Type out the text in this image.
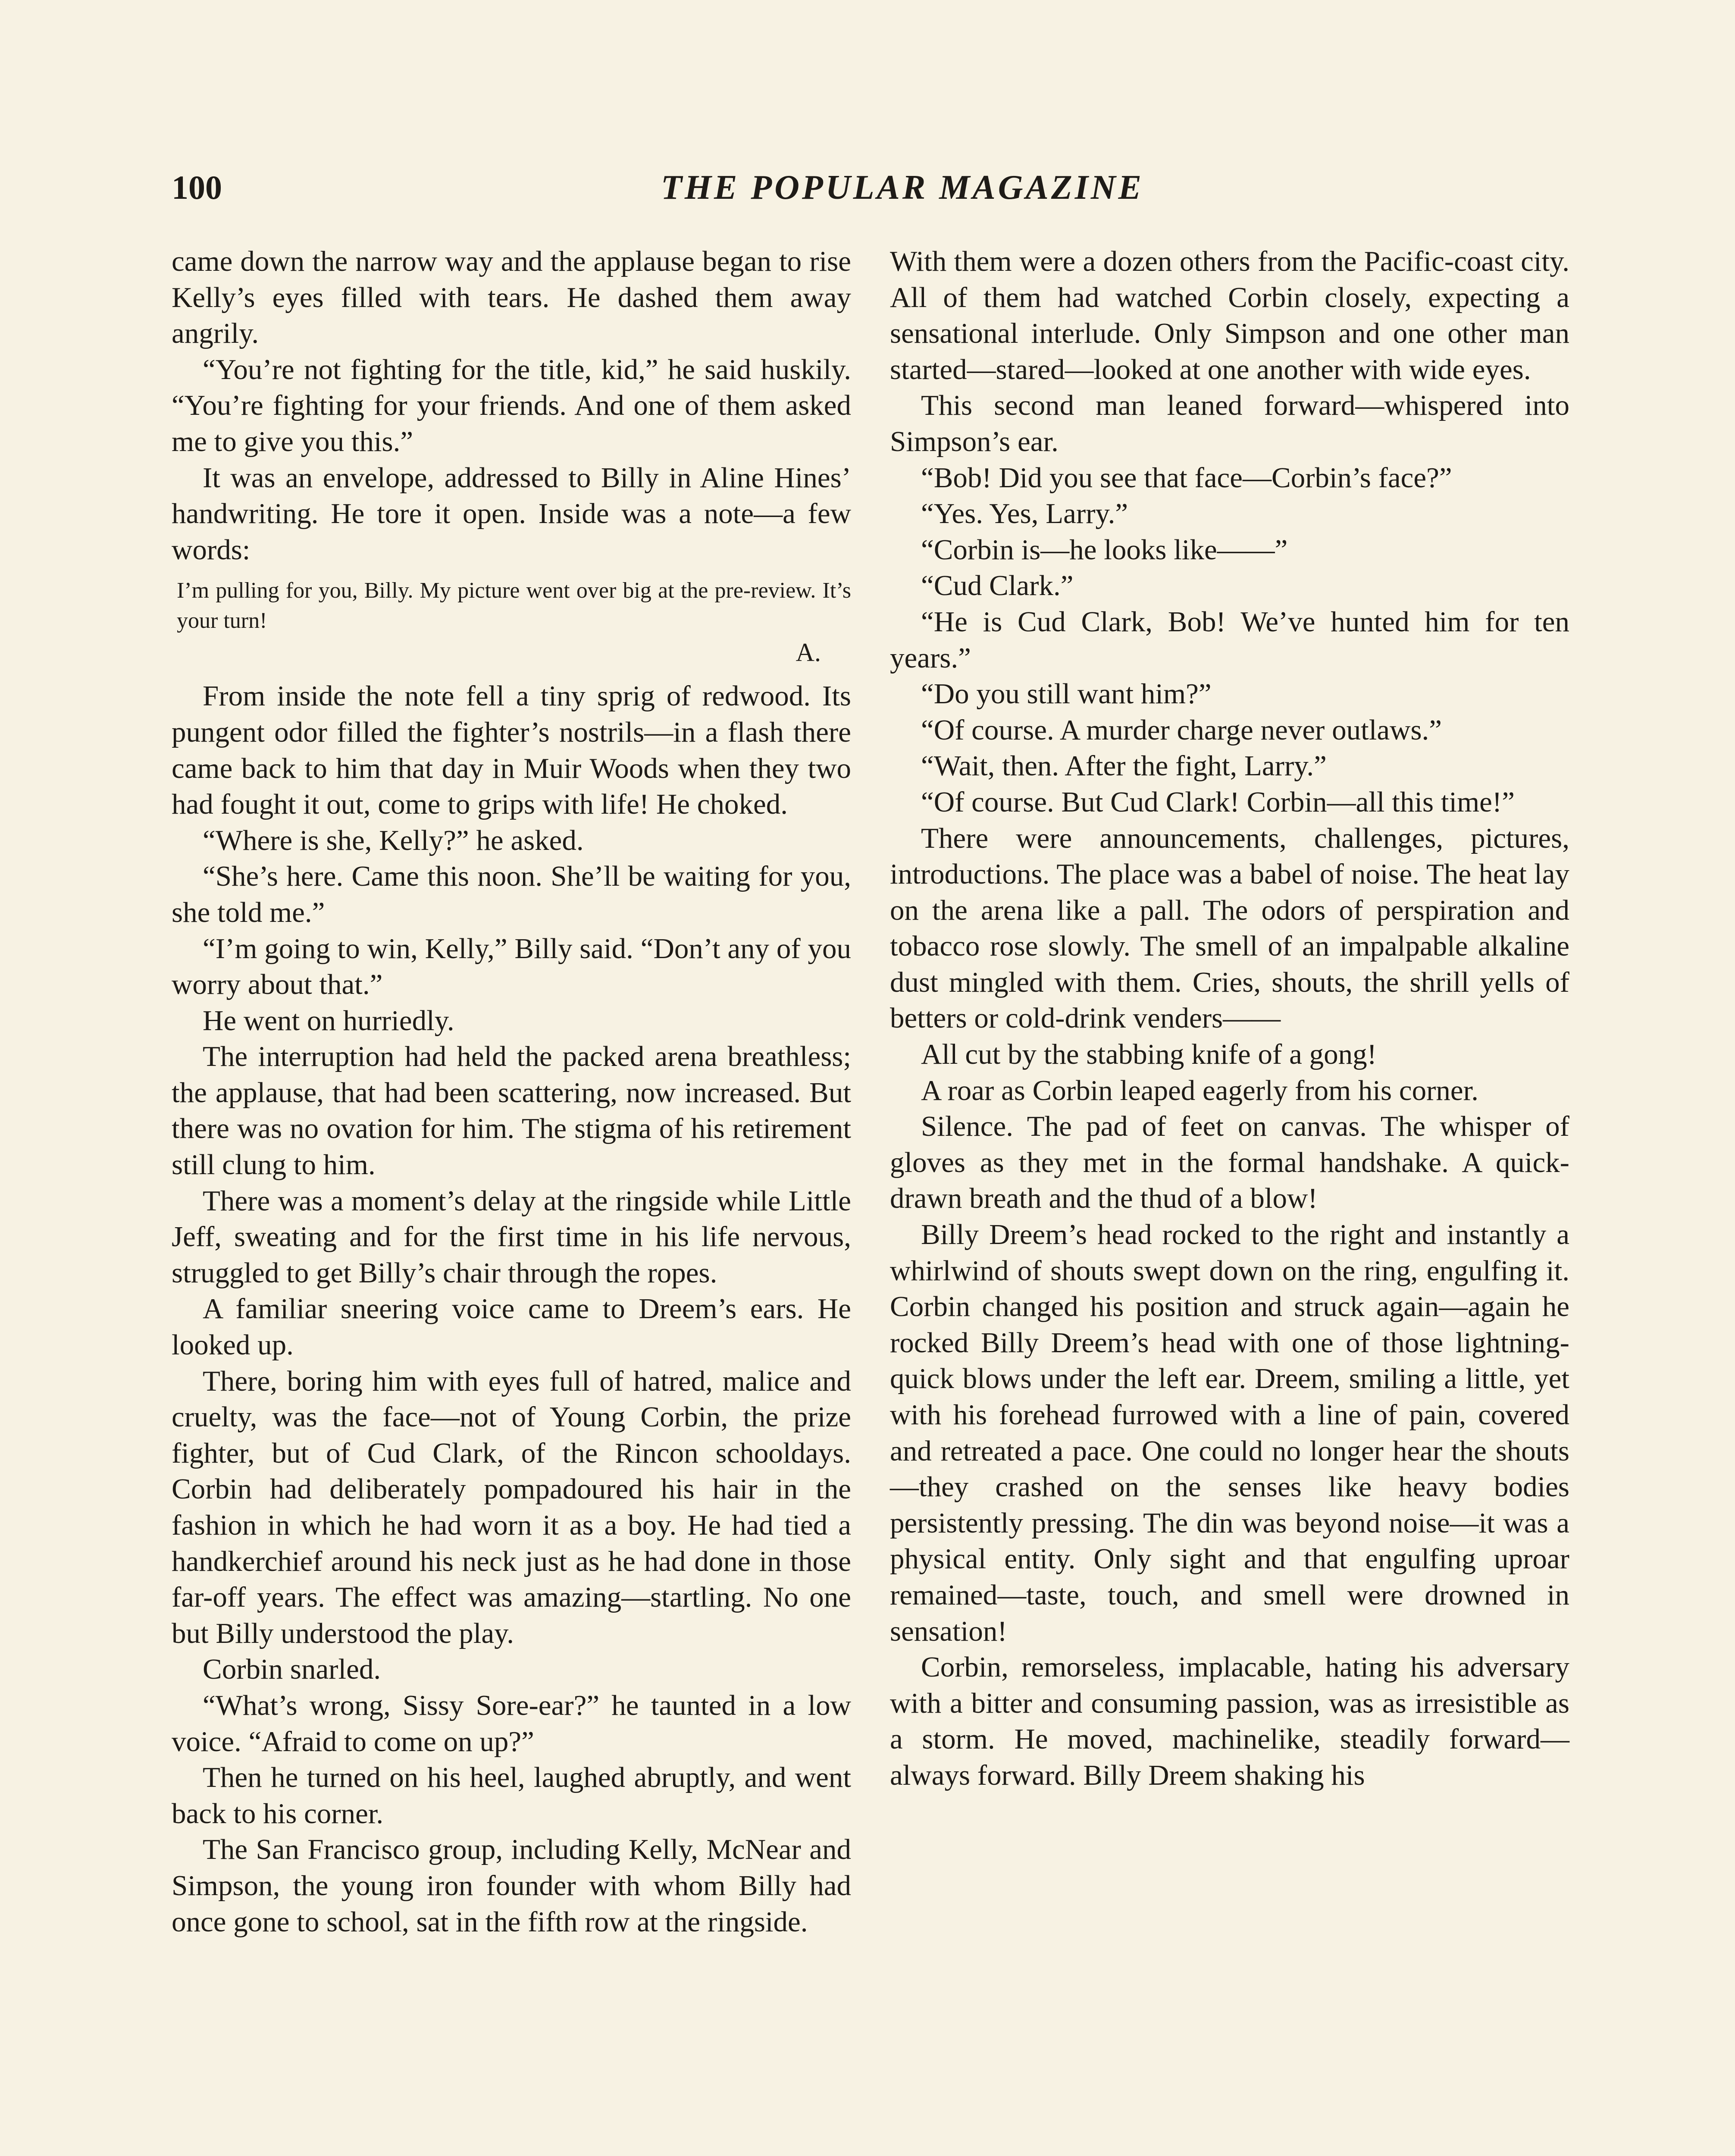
100	THE POPULAR MAGAZINE

came down the narrow way and the applause began to rise Kelly’s eyes filled with tears. He dashed them away angrily.

“You’re not fighting for the title, kid,” he said huskily. “You’re fighting for your friends. And one of them asked me to give you this.”

It was an envelope, addressed to Billy in Aline Hines’ handwriting. He tore it open. Inside was a note—a few words:

I’m pulling for you, Billy. My picture went over big at the pre-review. It’s your turn!

A.

From inside the note fell a tiny sprig of redwood. Its pungent odor filled the fighter’s nostrils—in a flash there came back to him that day in Muir Woods when they two had fought it out, come to grips with life! He choked.

“Where is she, Kelly?” he asked.

“She’s here. Came this noon. She’ll be waiting for you, she told me.”

“I’m going to win, Kelly,” Billy said. “Don’t any of you worry about that.”

He went on hurriedly.

The interruption had held the packed arena breathless; the applause, that had been scattering, now increased. But there was no ovation for him. The stigma of his retirement still clung to him.

There was a moment’s delay at the ringside while Little Jeff, sweating and for the first time in his life nervous, struggled to get Billy’s chair through the ropes.

A familiar sneering voice came to Dreem’s ears. He looked up.

There, boring him with eyes full of hatred, malice and cruelty, was the face—not of Young Corbin, the prize fighter, but of Cud Clark, of the Rincon schooldays. Corbin had deliberately pompadoured his hair in the fashion in which he had worn it as a boy. He had tied a handkerchief around his neck just as he had done in those far-off years. The effect was amazing—startling. No one but Billy understood the play.

Corbin snarled.

“What’s wrong, Sissy Sore-ear?” he taunted in a low voice. “Afraid to come on up?”

Then he turned on his heel, laughed abruptly, and went back to his corner.

The San Francisco group, including Kelly, McNear and Simpson, the young iron founder with whom Billy had once gone to school, sat in the fifth row at the ringside.

With them were a dozen others from the Pacific-coast city. All of them had watched Corbin closely, expecting a sensational interlude. Only Simpson and one other man started—stared—looked at one another with wide eyes.

This second man leaned forward—whispered into Simpson’s ear.

“Bob! Did you see that face—Corbin’s face?”

“Yes. Yes, Larry.”

“Corbin is—he looks like——”

“Cud Clark.”

“He is Cud Clark, Bob! We’ve hunted him for ten years.”

“Do you still want him?”

“Of course. A murder charge never outlaws.”

“Wait, then. After the fight, Larry.”

“Of course. But Cud Clark! Corbin—all this time!”

There were announcements, challenges, pictures, introductions. The place was a babel of noise. The heat lay on the arena like a pall. The odors of perspiration and tobacco rose slowly. The smell of an impalpable alkaline dust mingled with them. Cries, shouts, the shrill yells of betters or cold-drink venders——

All cut by the stabbing knife of a gong!

A roar as Corbin leaped eagerly from his corner.

Silence. The pad of feet on canvas. The whisper of gloves as they met in the formal handshake. A quick-drawn breath and the thud of a blow!

Billy Dreem’s head rocked to the right and instantly a whirlwind of shouts swept down on the ring, engulfing it. Corbin changed his position and struck again—again he rocked Billy Dreem’s head with one of those lightning-quick blows under the left ear. Dreem, smiling a little, yet with his forehead furrowed with a line of pain, covered and retreated a pace. One could no longer hear the shouts—they crashed on the senses like heavy bodies persistently pressing. The din was beyond noise—it was a physical entity. Only sight and that engulfing uproar remained—taste, touch, and smell were drowned in sensation!

Corbin, remorseless, implacable, hating his adversary with a bitter and consuming passion, was as irresistible as a storm. He moved, machinelike, steadily forward—always forward. Billy Dreem shaking his
